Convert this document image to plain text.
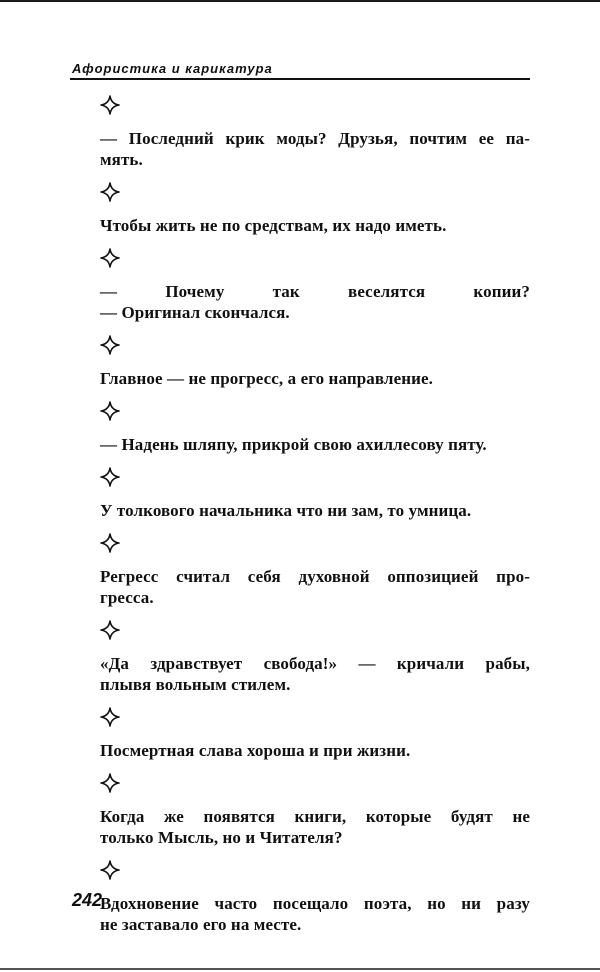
Афористика и карикатура
— Последний крик моды? Друзья, почтим ее па-
мять.
Чтобы жить не по средствам, их надо иметь.
— Почему так веселятся копии?
— Оригинал скончался.
Главное — не прогресс, а его направление.
— Надень шляпу, прикрой свою ахиллесову пяту.
У толкового начальника что ни зам, то умница.
Регресс считал себя духовной оппозицией про-
гресса.
«Да здравствует свобода!» — кричали рабы,
плывя вольным стилем.
Посмертная слава хороша и при жизни.
Когда же появятся книги, которые будят не
только Мысль, но и Читателя?
Вдохновение часто посещало поэта, но ни разу
не заставало его на месте.
242
